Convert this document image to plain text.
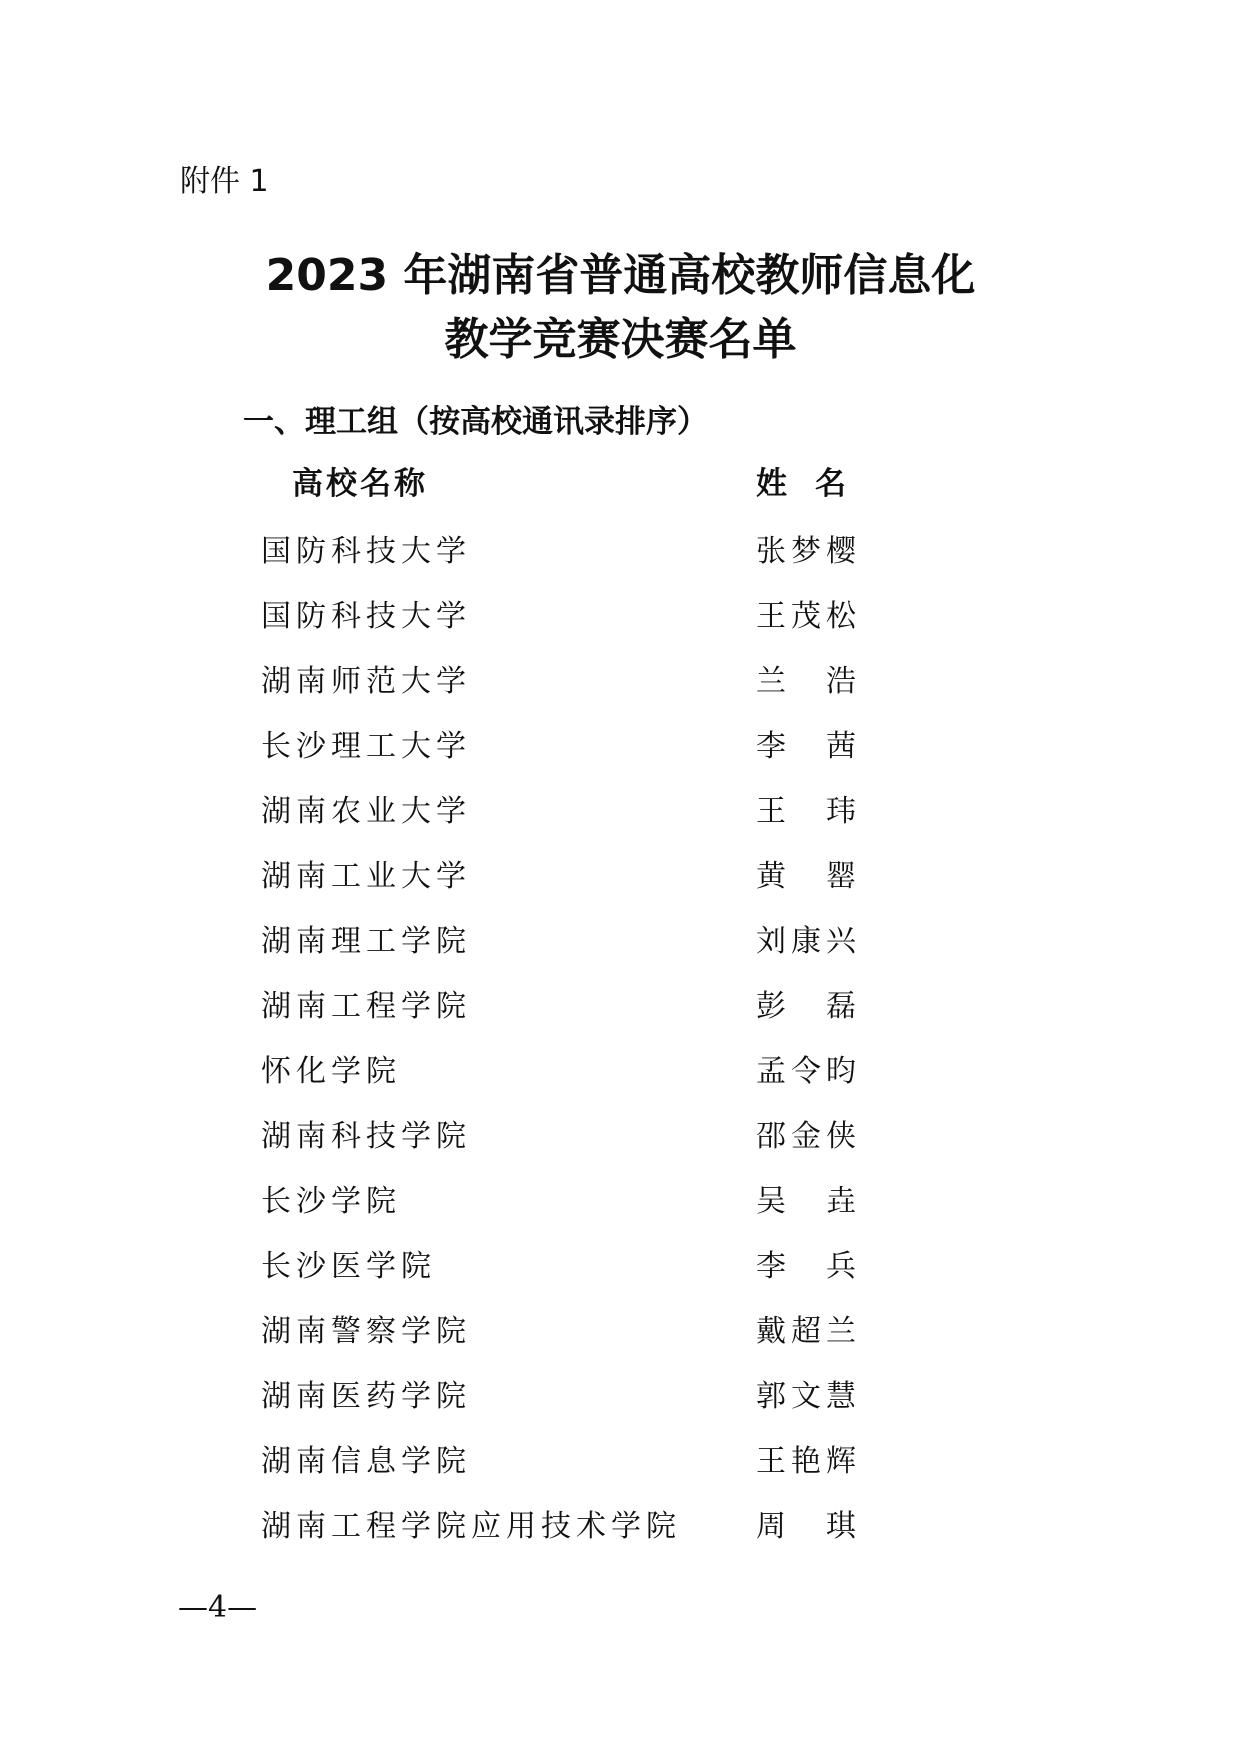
附件 1
2023 年湖南省普通高校教师信息化
教学竞赛决赛名单
一、理工组（按高校通讯录排序）
高校名称	姓名
国防科技大学	张梦樱
国防科技大学	王茂松
湖南师范大学	兰　浩
长沙理工大学	李　茜
湖南农业大学	王　玮
湖南工业大学	黄　罂
湖南理工学院	刘康兴
湖南工程学院	彭　磊
怀化学院	孟令昀
湖南科技学院	邵金侠
长沙学院	吴　垚
长沙医学院	李　兵
湖南警察学院	戴超兰
湖南医药学院	郭文慧
湖南信息学院	王艳辉
湖南工程学院应用技术学院	周　琪
—4—
